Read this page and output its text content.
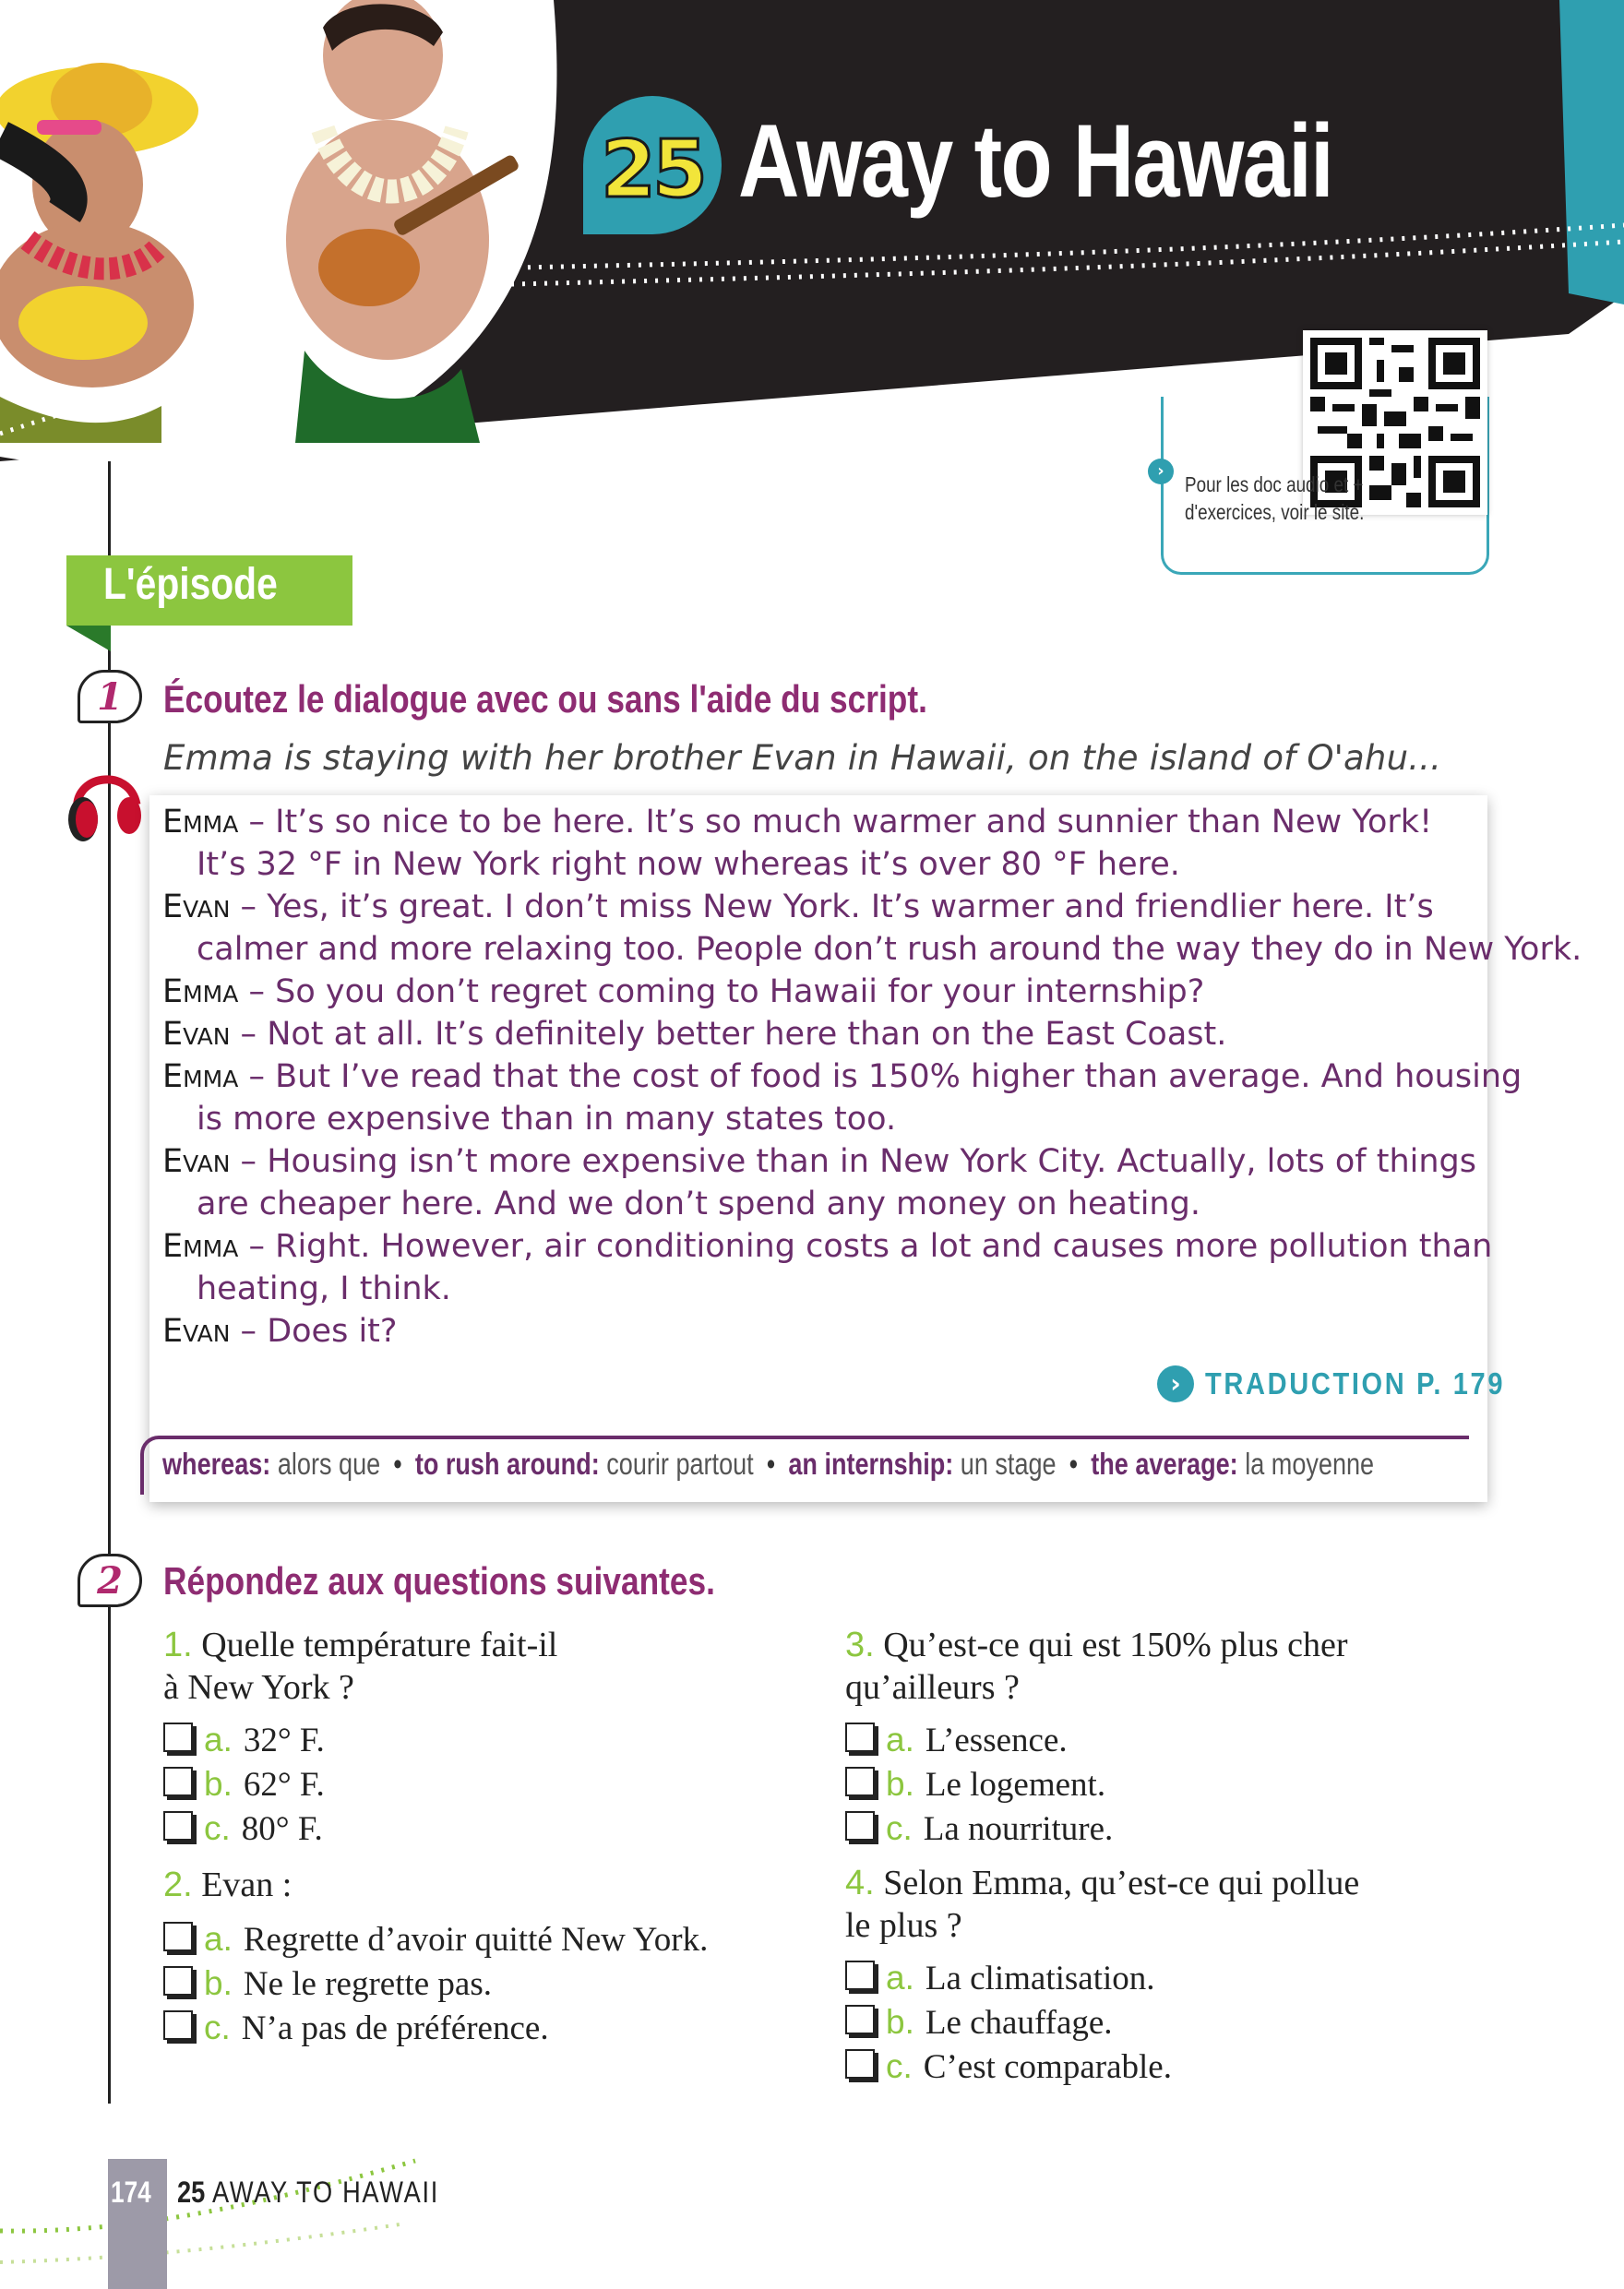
25 Away to Hawaii
›
Pour les doc audio et + d'exercices, voir le site.
L'épisode
1 Écoutez le dialogue avec ou sans l'aide du script.
Emma is staying with her brother Evan in Hawaii, on the island of O'ahu...
Emma – It’s so nice to be here. It’s so much warmer and sunnier than New York!
It’s 32 °F in New York right now whereas it’s over 80 °F here.
Evan – Yes, it’s great. I don’t miss New York. It’s warmer and friendlier here. It’s
calmer and more relaxing too. People don’t rush around the way they do in New York.
Emma – So you don’t regret coming to Hawaii for your internship?
Evan – Not at all. It’s definitely better here than on the East Coast.
Emma – But I’ve read that the cost of food is 150% higher than average. And housing
is more expensive than in many states too.
Evan – Housing isn’t more expensive than in New York City. Actually, lots of things
are cheaper here. And we don’t spend any money on heating.
Emma – Right. However, air conditioning costs a lot and causes more pollution than
heating, I think.
Evan – Does it?
› TRADUCTION P. 179
whereas: alors que • to rush around: courir partout • an internship: un stage • the average: la moyenne
2 Répondez aux questions suivantes.
1. Quelle température fait-il
à New York ?
a. 32° F.
b. 62° F.
c. 80° F.
2. Evan :
a. Regrette d’avoir quitté New York.
b. Ne le regrette pas.
c. N’a pas de préférence.
3. Qu’est-ce qui est 150% plus cher
qu’ailleurs ?
a. L’essence.
b. Le logement.
c. La nourriture.
4. Selon Emma, qu’est-ce qui pollue
le plus ?
a. La climatisation.
b. Le chauffage.
c. C’est comparable.
174 25 AWAY TO HAWAII
